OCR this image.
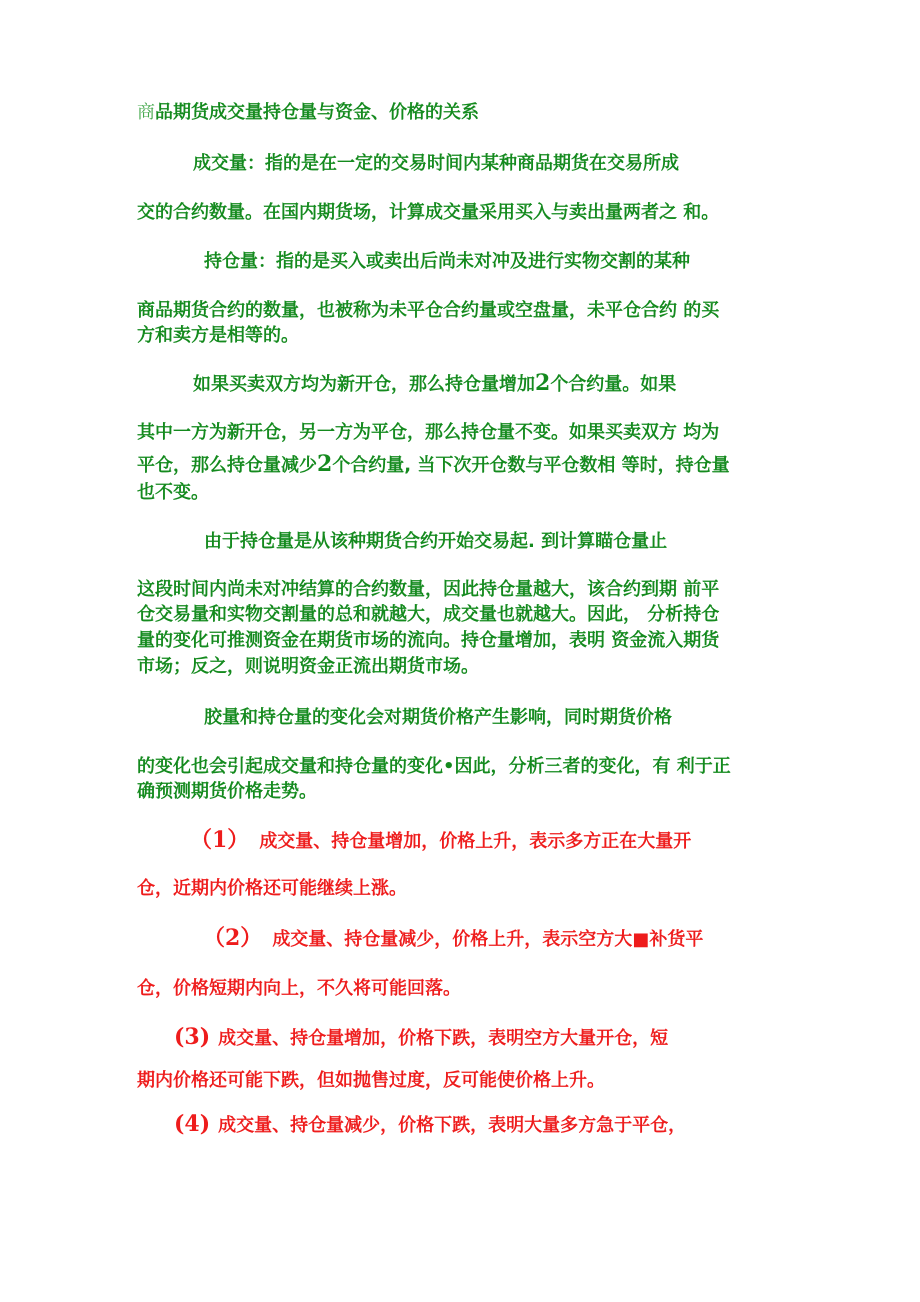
商品期货成交量持仓量与资金、价格的关系
成交量：指的是在一定的交易时间内某种商品期货在交易所成
交的合约数量。在国内期货场，计算成交量采用买入与卖出量两者之 和。
持仓量：指的是买入或卖出后尚未对冲及进行实物交割的某种
商品期货合约的数量，也被称为未平仓合约量或空盘量，未平仓合约 的买
方和卖方是相等的。
如果买卖双方均为新开仓，那么持仓量增加2个合约量。如果
其中一方为新开仓，另一方为平仓，那么持仓量不变。如果买卖双方 均为
平仓，那么持仓量减少2个合约量, 当下次开仓数与平仓数相 等时，持仓量
也不变。
由于持仓量是从该种期货合约开始交易起. 到计算瞄仓量止
这段时间内尚未对冲结算的合约数量，因此持仓量越大，该合约到期 前平
仓交易量和实物交割量的总和就越大，成交量也就越大。因此， 分析持仓
量的变化可推测资金在期货市场的流向。持仓量增加，表明 资金流入期货
市场；反之，则说明资金正流出期货市场。
胶量和持仓量的变化会对期货价格产生影响，同时期货价格
的变化也会引起成交量和持仓量的变化•因此，分析三者的变化，有 利于正
确预测期货价格走势。
（1） 成交量、持仓量增加，价格上升，表示多方正在大量开
仓，近期内价格还可能继续上涨。
（2） 成交量、持仓量减少，价格上升，表示空方大■补货平
仓，价格短期内向上，不久将可能回落。
(3) 成交量、持仓量增加，价格下跌，表明空方大量开仓，短
期内价格还可能下跌，但如抛售过度，反可能使价格上升。
(4) 成交量、持仓量减少，价格下跌，表明大量多方急于平仓，
